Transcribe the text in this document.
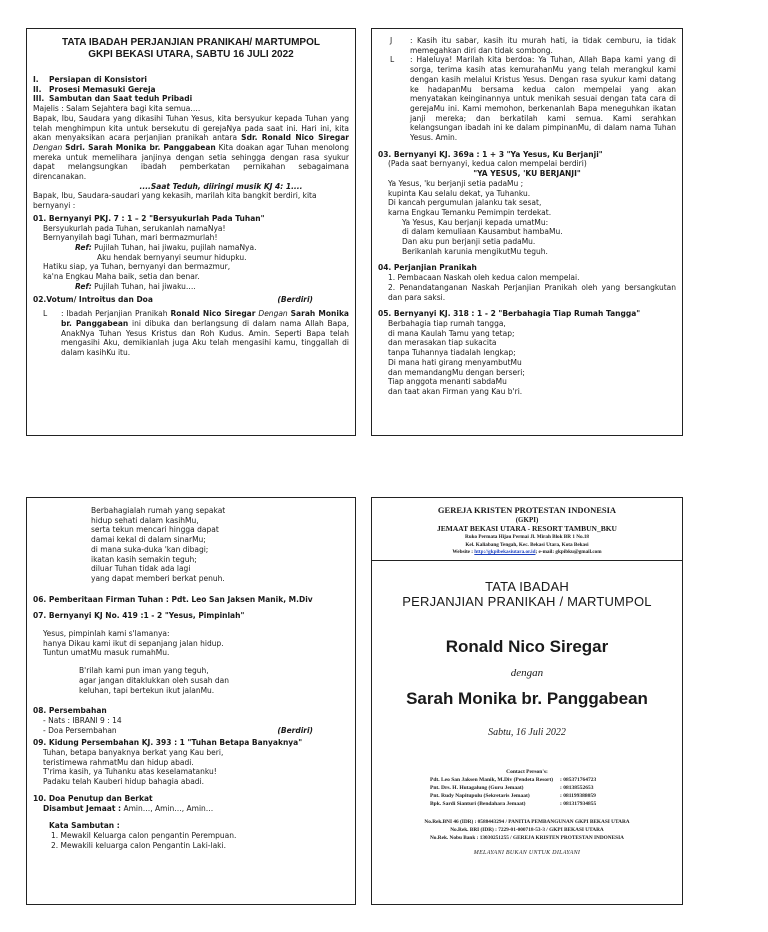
TATA IBADAH PERJANJIAN PRANIKAH/ MARTUMPOL
GKPI BEKASI UTARA, SABTU 16 JULI 2022
I.	Persiapan di Konsistori
II.	Prosesi Memasuki Gereja
III. Sambutan dan Saat teduh Pribadi
Majelis : Salam Sejahtera bagi kita semua….
Bapak, Ibu, Saudara yang dikasihi Tuhan Yesus, kita bersyukur kepada Tuhan yang telah menghimpun kita untuk bersekutu di gerejaNya pada saat ini. Hari ini, kita akan menyaksikan acara perjanjian pranikah antara Sdr. Ronald Nico Siregar Dengan Sdri. Sarah Monika br. Panggabean Kita doakan agar Tuhan menolong mereka untuk memelihara janjinya dengan setia sehingga dengan rasa syukur dapat melangsungkan ibadah pemberkatan pernikahan sebagaimana direncanakan.
....Saat Teduh, diiringi musik KJ 4: 1....
Bapak, Ibu, Saudara-saudari yang kekasih, marilah kita bangkit berdiri, kita bernyanyi :
01. Bernyanyi PKJ. 7 : 1 – 2 "Bersyukurlah Pada Tuhan"
Bersyukurlah pada Tuhan, serukanlah namaNya!
Bernyanyilah bagi Tuhan, mari bermazmurlah!
Ref: Pujilah Tuhan, hai jiwaku, pujilah namaNya.
Aku hendak bernyanyi seumur hidupku.
Hatiku siap, ya Tuhan, bernyanyi dan bermazmur,
ka'na Engkau Maha baik, setia dan benar.
Ref: Pujilah Tuhan, hai jiwaku….
02.Votum/ Introitus dan Doa	(Berdiri)
L	: Ibadah Perjanjian Pranikah Ronald Nico Siregar Dengan Sarah Monika br. Panggabean ini dibuka dan berlangsung di dalam nama Allah Bapa, AnakNya Tuhan Yesus Kristus dan Roh Kudus. Amin. Seperti Bapa telah mengasihi Aku, demikianlah juga Aku telah mengasihi kamu, tinggallah di dalam kasihKu itu.
J	: Kasih itu sabar, kasih itu murah hati, ia tidak cemburu, ia tidak memegahkan diri dan tidak sombong.
L	: Haleluya! Marilah kita berdoa: Ya Tuhan, Allah Bapa kami yang di sorga, terima kasih atas kemurahanMu yang telah merangkul kami dengan kasih melalui Kristus Yesus. Dengan rasa syukur kami datang ke hadapanMu bersama kedua calon mempelai yang akan menyatakan keinginannya untuk menikah sesuai dengan tata cara di gerejaMu ini. Kami memohon, berkenanlah Bapa meneguhkan ikatan janji mereka; dan berkatilah kami semua. Kami serahkan kelangsungan ibadah ini ke dalam pimpinanMu, di dalam nama Tuhan Yesus. Amin.
03. Bernyanyi KJ. 369a : 1 + 3 "Ya Yesus, Ku Berjanji"
(Pada saat bernyanyi, kedua calon mempelai berdiri)
"YA YESUS, 'KU BERJANJI"
Ya Yesus, 'ku berjanji setia padaMu ;
kupinta Kau selalu dekat, ya Tuhanku.
Di kancah pergumulan jalanku tak sesat,
karna Engkau Temanku Pemimpin terdekat.
Ya Yesus, Kau berjanji kepada umatMu:
di dalam kemuliaan Kausambut hambaMu.
Dan aku pun berjanji setia padaMu.
Berikanlah karunia mengikutMu teguh.
04. Perjanjian Pranikah
1. Pembacaan Naskah oleh kedua calon mempelai.
2. Penandatanganan Naskah Perjanjian Pranikah oleh yang bersangkutan dan para saksi.
05. Bernyanyi KJ. 318 : 1 - 2 "Berbahagia Tiap Rumah Tangga"
Berbahagia tiap rumah tangga,
di mana Kaulah Tamu yang tetap;
dan merasakan tiap sukacita
tanpa Tuhannya tiadalah lengkap;
Di mana hati girang menyambutMu
dan memandangMu dengan berseri;
Tiap anggota menanti sabdaMu
dan taat akan Firman yang Kau b'ri.
Berbahagialah rumah yang sepakat
hidup sehati dalam kasihMu,
serta tekun mencari hingga dapat
damai kekal di dalam sinarMu;
di mana suka-duka 'kan dibagi;
ikatan kasih semakin teguh;
diluar Tuhan tidak ada lagi
yang dapat memberi berkat penuh.
06. Pemberitaan Firman Tuhan : Pdt. Leo San Jaksen Manik, M.Div
07. Bernyanyi KJ No. 419 :1 - 2 "Yesus, Pimpinlah"
Yesus, pimpinlah kami s'lamanya:
hanya Dikau kami ikut di sepanjang jalan hidup.
Tuntun umatMu masuk rumahMu.
B'rilah kami pun iman yang teguh,
agar jangan ditaklukkan oleh susah dan
keluhan, tapi bertekun ikut jalanMu.
08. Persembahan
- Nats : IBRANI 9 : 14
- Doa Persembahan	(Berdiri)
09. Kidung Persembahan KJ. 393 : 1 "Tuhan Betapa Banyaknya"
Tuhan, betapa banyaknya berkat yang Kau beri,
teristimewa rahmatMu dan hidup abadi.
T'rima kasih, ya Tuhanku atas keselamatanku!
Padaku telah Kauberi hidup bahagia abadi.
10. Doa Penutup dan Berkat
Disambut Jemaat : Amin…, Amin…, Amin…
Kata Sambutan :
1. Mewakil Keluarga calon pengantin Perempuan.
2. Mewakili keluarga calon Pengantin Laki-laki.
GEREJA KRISTEN PROTESTAN INDONESIA
(GKPI)
JEMAAT BEKASI UTARA - RESORT TAMBUN_BKU
Ruko Permata Hijau Permai Jl. Mirah Blok BR 1 No.18
Kel. Kaliabang Tengah, Kec. Bekasi Utara, Kota Bekasi
Website : http://gkpibekasiutara.or.id; e-mail: gkpibku@gmail.com
TATA IBADAH
PERJANJIAN PRANIKAH / MARTUMPOL
Ronald Nico Siregar
dengan
Sarah Monika br. Panggabean
Sabtu, 16 Juli 2022
Contact Person's:
Pdt. Leo San Jaksen Manik, M.Div (Pendeta Resort)	: 085371764723
Pnt. Drs. H. Hutagalung (Guru Jemaat)	: 08138552653
Pnt. Rudy Napitupulu (Sekretaris Jemaat)	: 081199388059
Bpk. Sardi Sianturi (Bendahara Jemaat)	: 081317934855
No.Rek.BNI 46 (IDR) : 0588443294 / PANITIA PEMBANGUNAN GKPI BEKASI UTARA
No.Rek. BRI (IDR) : 7229-01-000718-53-3 / GKPI BEKASI UTARA
No.Rek. Nobu Bank : 13030251255 / GEREJA KRISTEN PROTESTAN INDONESIA
MELAYANI BUKAN UNTUK DILAYANI
